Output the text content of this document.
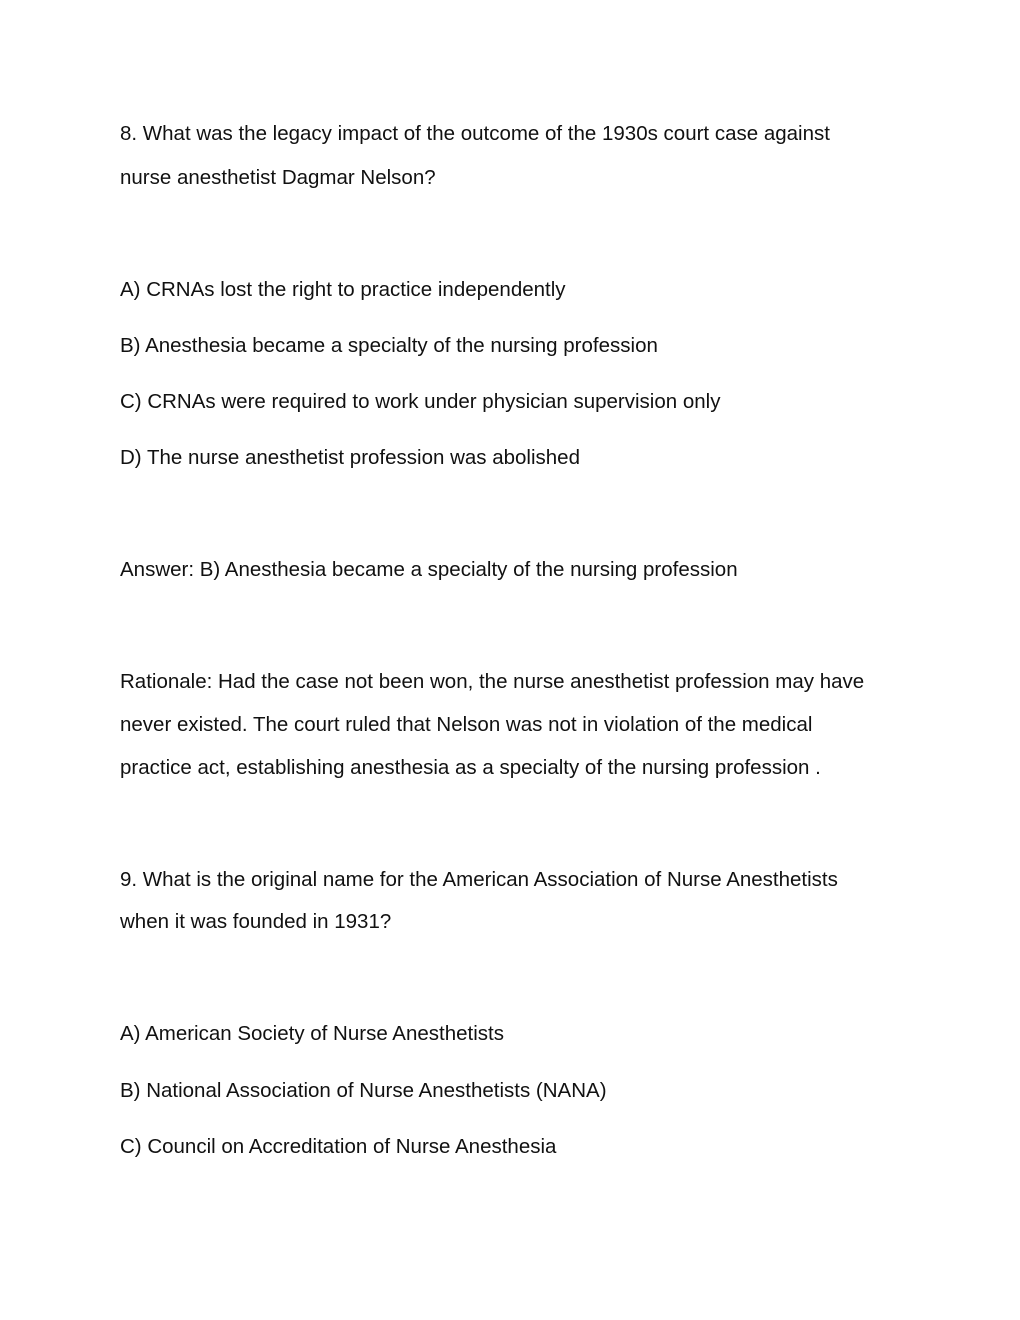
8. What was the legacy impact of the outcome of the 1930s court case against
nurse anesthetist Dagmar Nelson?
A) CRNAs lost the right to practice independently
B) Anesthesia became a specialty of the nursing profession
C) CRNAs were required to work under physician supervision only
D) The nurse anesthetist profession was abolished
Answer: B) Anesthesia became a specialty of the nursing profession
Rationale: Had the case not been won, the nurse anesthetist profession may have
never existed. The court ruled that Nelson was not in violation of the medical
practice act, establishing anesthesia as a specialty of the nursing profession .
9. What is the original name for the American Association of Nurse Anesthetists
when it was founded in 1931?
A) American Society of Nurse Anesthetists
B) National Association of Nurse Anesthetists (NANA)
C) Council on Accreditation of Nurse Anesthesia
